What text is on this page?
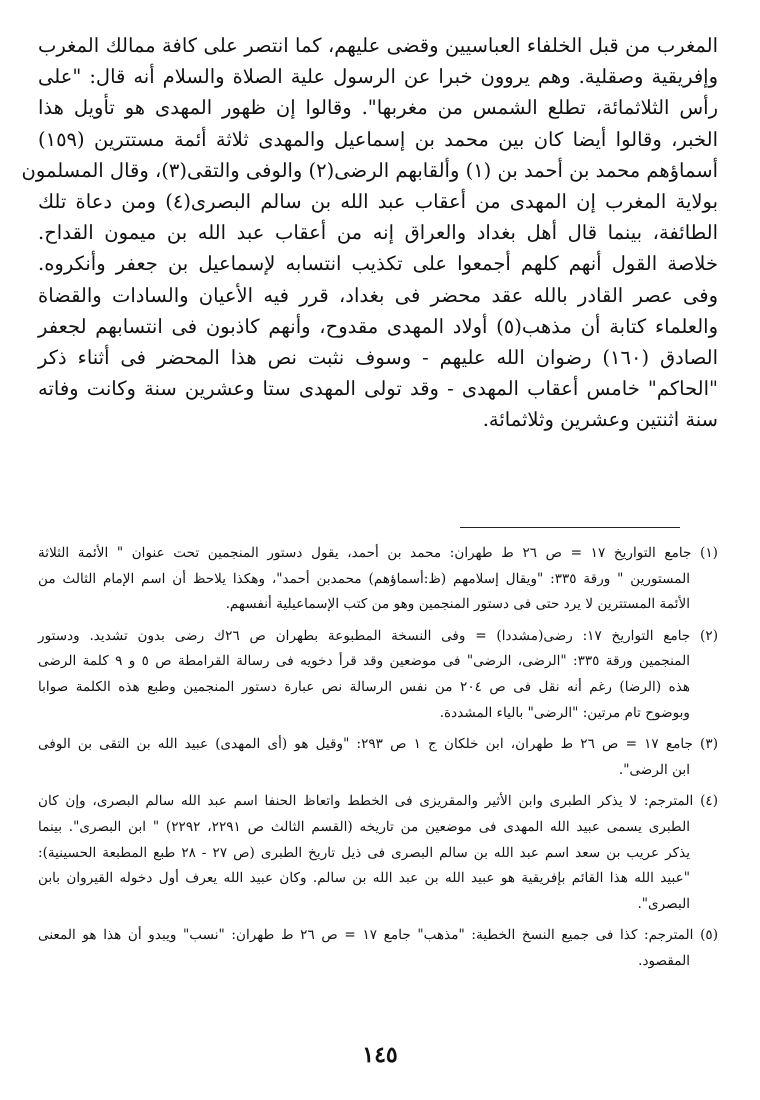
المغرب من قبل الخلفاء العباسيين وقضى عليهم، كما انتصر على كافة ممالك المغرب
وإفريقية وصقلية. وهم يروون خبرا عن الرسول علية الصلاة والسلام أنه قال: "على
رأس الثلاثمائة، تطلع الشمس من مغربها". وقالوا إن ظهور المهدى هو تأويل هذا
الخبر، وقالوا أيضا كان بين محمد بن إسماعيل والمهدى ثلاثة أئمة مستترين (١٥٩)
أسماؤهم محمد بن أحمد بن (١) وألقابهم الرضى(٢) والوفى والتقى(٣)، وقال المسلمون
بولاية المغرب إن المهدى من أعقاب عبد الله بن سالم البصرى(٤) ومن دعاة تلك
الطائفة، بينما قال أهل بغداد والعراق إنه من أعقاب عبد الله بن ميمون القداح.
خلاصة القول أنهم كلهم أجمعوا على تكذيب انتسابه لإسماعيل بن جعفر وأنكروه.
وفى عصر القادر بالله عقد محضر فى بغداد، قرر فيه الأعيان والسادات والقضاة
والعلماء كتابة أن مذهب(٥) أولاد المهدى مقدوح، وأنهم كاذبون فى انتسابهم لجعفر
الصادق (١٦٠) رضوان الله عليهم - وسوف نثبت نص هذا المحضر فى أثناء ذكر
"الحاكم" خامس أعقاب المهدى - وقد تولى المهدى ستا وعشرين سنة وكانت وفاته
سنة اثنتين وعشرين وثلاثمائة.
(١) جامع التواريخ ١٧ = ص ٢٦ ط طهران: محمد بن أحمد، يقول دستور المنجمين تحت عنوان " الأئمة الثلاثة
المستورين " ورقة ٣٣٥: "ويقال إسلامهم (ظ:أسماؤهم) محمدبن أحمد"، وهكذا يلاحظ أن اسم الإمام الثالث من
الأئمة المستترين لا يرد حتى فى دستور المنجمين وهو من كتب الإسماعيلية أنفسهم.
(٢) جامع التواريخ ١٧: رضى(مشددا) = وفى النسخة المطبوعة بطهران ص ٢٦ك رضى بدون تشديد. ودستور
المنجمين ورقة ٣٣٥: "الرضى، الرضى" فى موضعين وقد قرأ دخويه فى رسالة القرامطة ص ٥ و ٩ كلمة الرضى
هذه (الرضا) رغم أنه نقل فى ص ٢٠٤ من نفس الرسالة نص عبارة دستور المنجمين وطبع هذه الكلمة صوابا
وبوضوح تام مرتين: "الرضى" بالياء المشددة.
(٣) جامع ١٧ = ص ٢٦ ط طهران، ابن خلكان ج ١ ص ٢٩٣: "وقيل هو (أى المهدى) عبيد الله بن التقى بن الوفى
ابن الرضى".
(٤) المترجم: لا يذكر الطبرى وابن الأثير والمقريزى فى الخطط واتعاظ الحنفا اسم عبد الله سالم البصرى، وإن كان
الطبرى يسمى عبيد الله المهدى فى موضعين من تاريخه (القسم الثالث ص ٢٢٩١، ٢٢٩٢) " ابن البصرى". بينما
يذكر عريب بن سعد اسم عبد الله بن سالم البصرى فى ذيل تاريخ الطبرى (ص ٢٧ - ٢٨ طبع المطبعة الحسينية):
"عبيد الله هذا القائم بإفريقية هو عبيد الله بن عبد الله بن سالم. وكان عبيد الله يعرف أول دخوله القيروان بابن
البصرى".
(٥) المترجم: كذا فى جميع النسخ الخطية: "مذهب" جامع ١٧ = ص ٢٦ ط طهران: "نسب" ويبدو أن هذا هو المعنى
المقصود.
١٤٥
